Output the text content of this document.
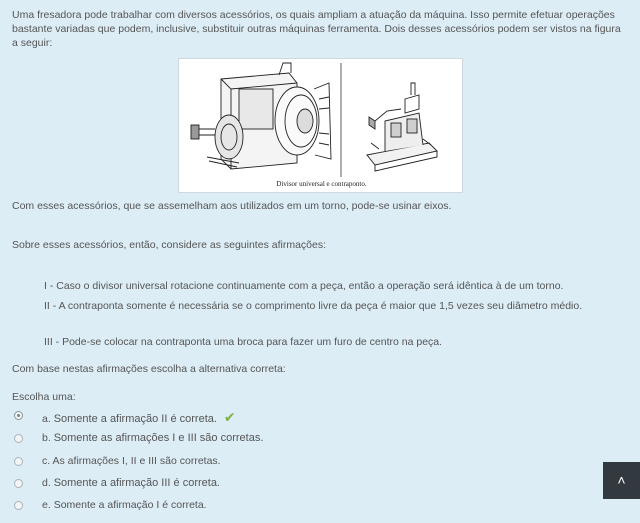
Uma fresadora pode trabalhar com diversos acessórios, os quais ampliam a atuação da máquina. Isso permite efetuar operações bastante variadas que podem, inclusive, substituir outras máquinas ferramenta. Dois desses acessórios podem ser vistos na figura a seguir:
Divisor universal e contraponto.
Com esses acessórios, que se assemelham aos utilizados em um torno, pode-se usinar eixos.
Sobre esses acessórios, então, considere as seguintes afirmações:
I - Caso o divisor universal rotacione continuamente com a peça, então a operação será idêntica à de um torno.
II - A contraponta somente é necessária se o comprimento livre da peça é maior que 1,5 vezes seu diâmetro médio.
III - Pode-se colocar na contraponta uma broca para fazer um furo de centro na peça.
Com base nestas afirmações escolha a alternativa correta:
Escolha uma:
a. Somente a afirmação II é correta. ✔
b. Somente as afirmações I e III são corretas.
c. As afirmações I, II e III são corretas.
d. Somente a afirmação III é correta.
e. Somente a afirmação I é correta.
˄
